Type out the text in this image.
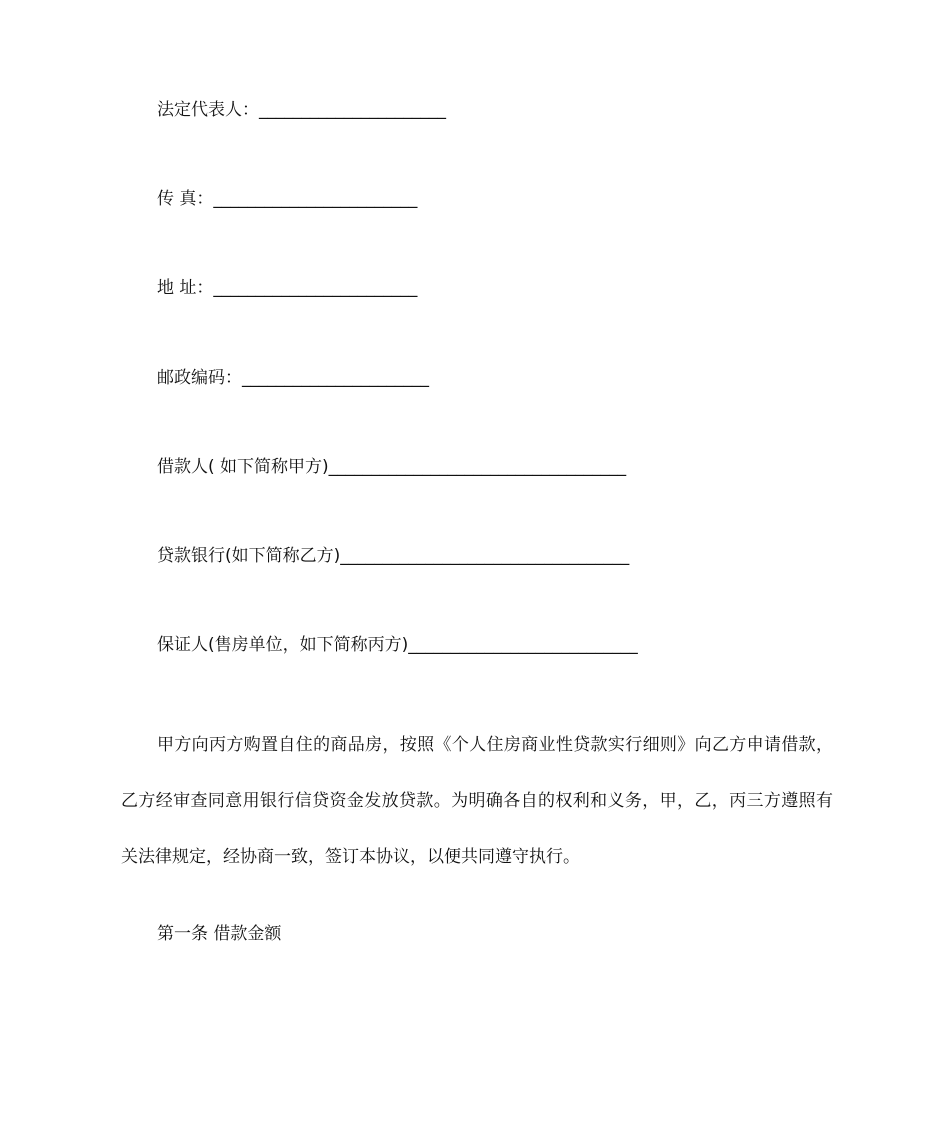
法定代表人：______________________
传 真：________________________
地 址：________________________
邮政编码：______________________
借款人( 如下简称甲方)___________________________________
贷款银行(如下简称乙方)__________________________________
保证人(售房单位，如下简称丙方)___________________________
甲方向丙方购置自住的商品房，按照《个人住房商业性贷款实行细则》向乙方申请借款，乙方经审查同意用银行信贷资金发放贷款。为明确各自的权利和义务，甲，乙，丙三方遵照有关法律规定，经协商一致，签订本协议，以便共同遵守执行。
第一条 借款金额
